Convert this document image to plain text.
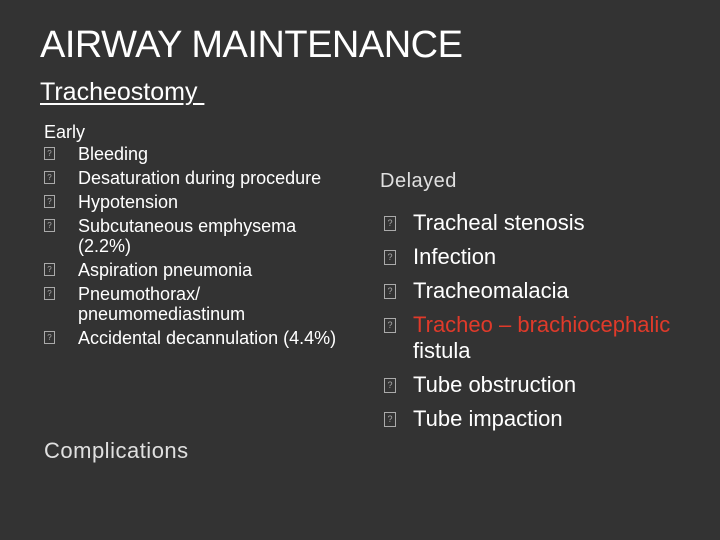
AIRWAY MAINTENANCE
Tracheostomy
Early
? Bleeding
? Desaturation during procedure
? Hypotension
? Subcutaneous emphysema (2.2%)
? Aspiration pneumonia
? Pneumothorax/ pneumomediastinum
? Accidental decannulation (4.4%)
Complications
Delayed
? Tracheal stenosis
? Infection
? Tracheomalacia
? Tracheo – brachiocephalic fistula
? Tube obstruction
? Tube impaction
